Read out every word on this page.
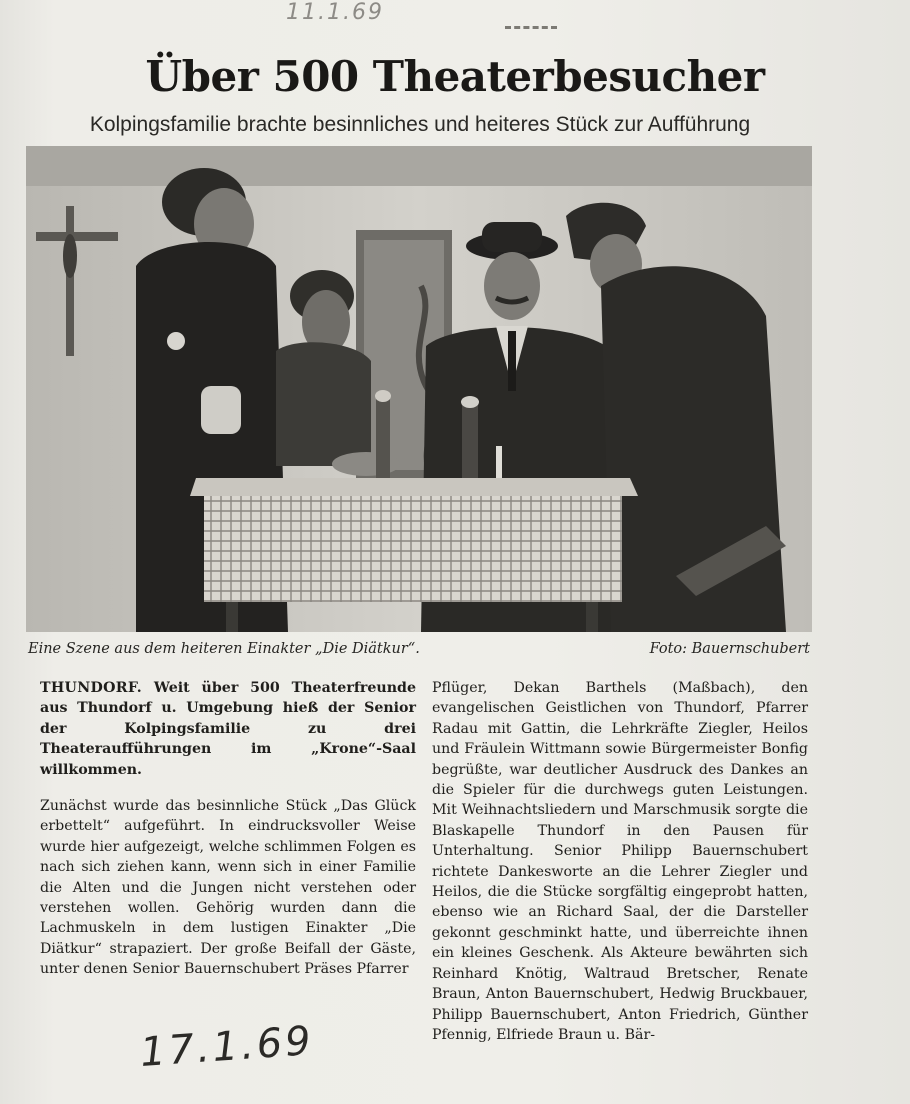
11.1.69
Über 500 Theaterbesucher
Kolpingsfamilie brachte besinnliches und heiteres Stück zur Aufführung
Eine Szene aus dem heiteren Einakter „Die Diätkur“.	Foto: Bauernschubert

THUNDORF. Weit über 500 Theaterfreunde aus Thundorf u. Umgebung hieß der Senior der Kolpingsfamilie zu drei Theateraufführungen im „Krone“-Saal willkommen.

Zunächst wurde das besinnliche Stück „Das Glück erbettelt“ aufgeführt. In eindrucksvoller Weise wurde hier aufgezeigt, welche schlimmen Folgen es nach sich ziehen kann, wenn sich in einer Familie die Alten und die Jungen nicht verstehen oder verstehen wollen. Gehörig wurden dann die Lachmuskeln in dem lustigen Einakter „Die Diätkur“ strapaziert. Der große Beifall der Gäste, unter denen Senior Bauernschubert Präses Pfarrer

Pflüger, Dekan Barthels (Maßbach), den evangelischen Geistlichen von Thundorf, Pfarrer Radau mit Gattin, die Lehrkräfte Ziegler, Heilos und Fräulein Wittmann sowie Bürgermeister Bonfig begrüßte, war deutlicher Ausdruck des Dankes an die Spieler für die durchwegs guten Leistungen. Mit Weihnachtsliedern und Marschmusik sorgte die Blaskapelle Thundorf in den Pausen für Unterhaltung. Senior Philipp Bauernschubert richtete Dankesworte an die Lehrer Ziegler und Heilos, die die Stücke sorgfältig eingeprobt hatten, ebenso wie an Richard Saal, der die Darsteller gekonnt geschminkt hatte, und überreichte ihnen ein kleines Geschenk. Als Akteure bewährten sich Reinhard Knötig, Waltraud Bretscher, Renate Braun, Anton Bauernschubert, Hedwig Bruckbauer, Philipp Bauernschubert, Anton Friedrich, Günther Pfennig, Elfriede Braun u. Bär-

17.1.69
